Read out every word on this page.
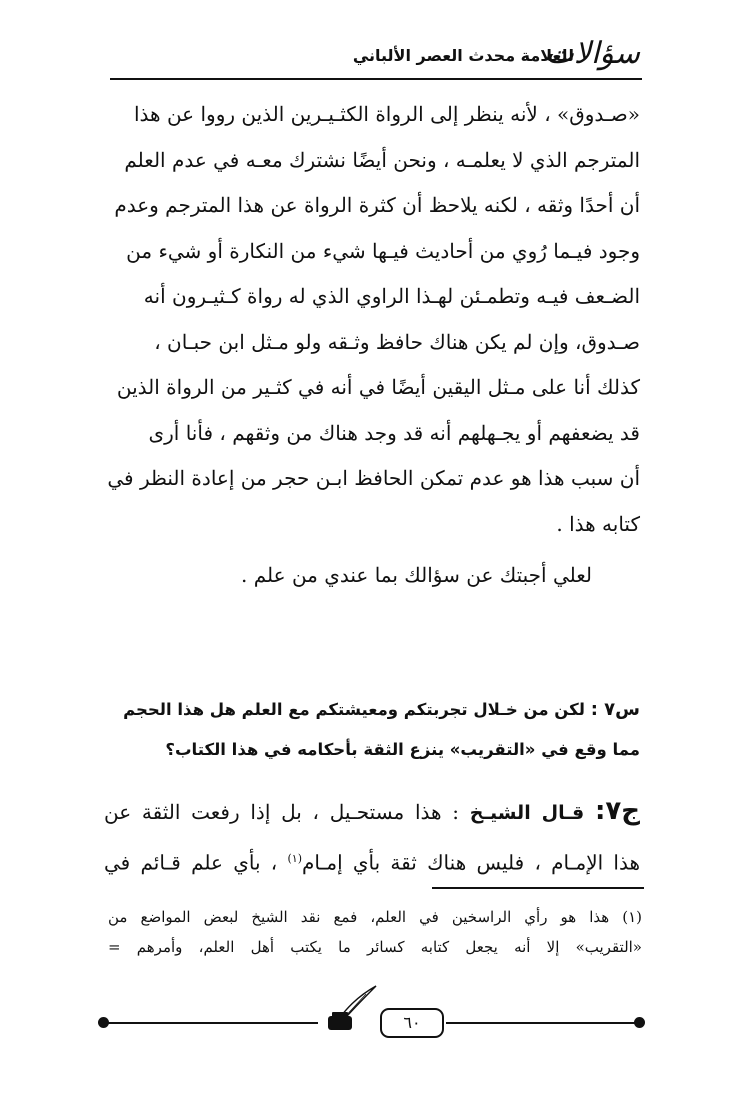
سؤالات
للعلامة محدث العصر الألباني

«صـدوق» ، لأنه ينظر إلى الرواة الكثـيـرين الذين رووا عن هذا

المترجم الذي لا يعلمـه ، ونحن أيضًا نشترك معـه في عدم العلم

أن أحدًا وثقه ، لكنه يلاحظ أن كثرة الرواة عن هذا المترجم وعدم

وجود فيـما رُوي من أحاديث فيـها شيء من النكارة أو شيء من

الضـعف فيـه وتطمـئن لهـذا الراوي الذي له رواة كـثيـرون أنه

صـدوق، وإن لم يكن هناك حافظ وثـقه ولو مـثل ابن حبـان ،

كذلك أنا على مـثل اليقين أيضًا في أنه في كثـير من الرواة الذين

قد يضعفهم أو يجـهلهم أنه قد وجد هناك من وثقهم ، فأنا أرى

أن سبب هذا هو عدم تمكن الحافظ ابـن حجر من إعادة النظر في

كتابه هذا .

لعلي أجبتك عن سؤالك بما عندي من علم .

س٧ : لكن من خـلال تجربتكم ومعيشتكم مع العلم هل هذا الحجم

مما وقع في «التقريب» ينزع الثقة بأحكامه في هذا الكتاب؟

ج٧: قـال الشيـخ : هذا مستحـيل ، بل إذا رفعت الثقة عن

هذا الإمـام ، فليس هناك ثقة بأي إمـام$^{(١)}$ ، بأي علم قـائم في

(١) هذا هو رأي الراسخين في العلم، فمع نقد الشيخ لبعض المواضع من

«التقريب» إلا أنه يجعل كتابه كسائر ما يكتب أهل العلم، وأمرهم =

٦٠
